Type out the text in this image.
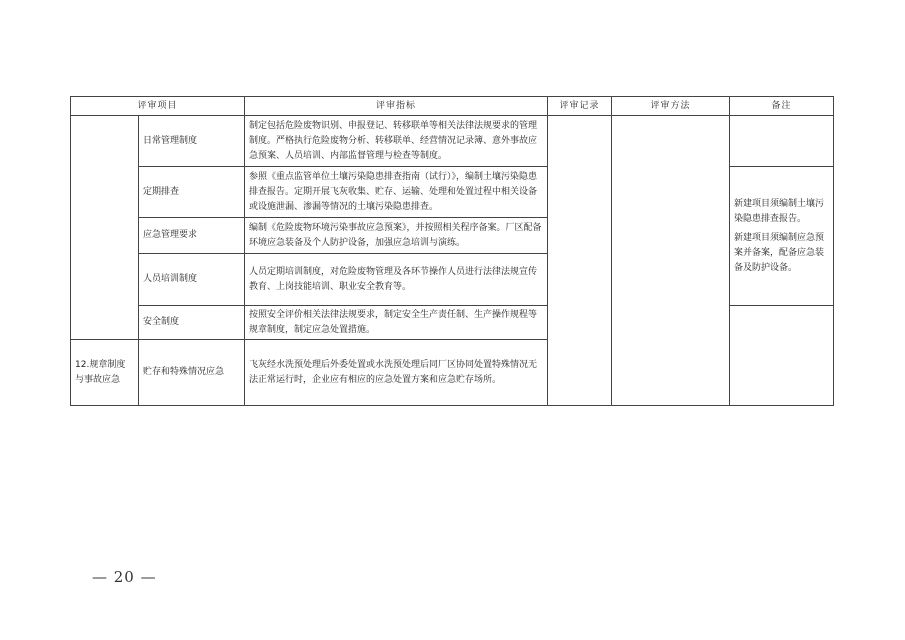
评审项目		评审指标	评审记录	评审方法	备注
	日常管理制度	制定包括危险废物识别、申报登记、转移联单等相关法律法规要求的管理制度。严格执行危险废物分析、转移联单、经营情况记录簿、意外事故应急预案、人员培训、内部监督管理与检查等制度。			
	定期排查	参照《重点监管单位土壤污染隐患排查指南（试行）》，编制土壤污染隐患排查报告。定期开展飞灰收集、贮存、运输、处理和处置过程中相关设备或设施泄漏、渗漏等情况的土壤污染隐患排查。			新建项目须编制土壤污染隐患排查报告。
新建项目须编制应急预案并备案，配备应急装备及防护设备。

	应急管理要求	编制《危险废物环境污染事故应急预案》，并按照相关程序备案。厂区配备环境应急装备及个人防护设备，加强应急培训与演练。			
	人员培训制度	人员定期培训制度，对危险废物管理及各环节操作人员进行法律法规宣传教育、上岗技能培训、职业安全教育等。			
	安全制度	按照安全评价相关法律法规要求，制定安全生产责任制、生产操作规程等规章制度，制定应急处置措施。			
12.规章制度与事故应急	贮存和特殊情况应急	飞灰经水洗预处理后外委处置或水洗预处理后同厂区协同处置特殊情况无法正常运行时，企业应有相应的应急处置方案和应急贮存场所。			
— 20 —
